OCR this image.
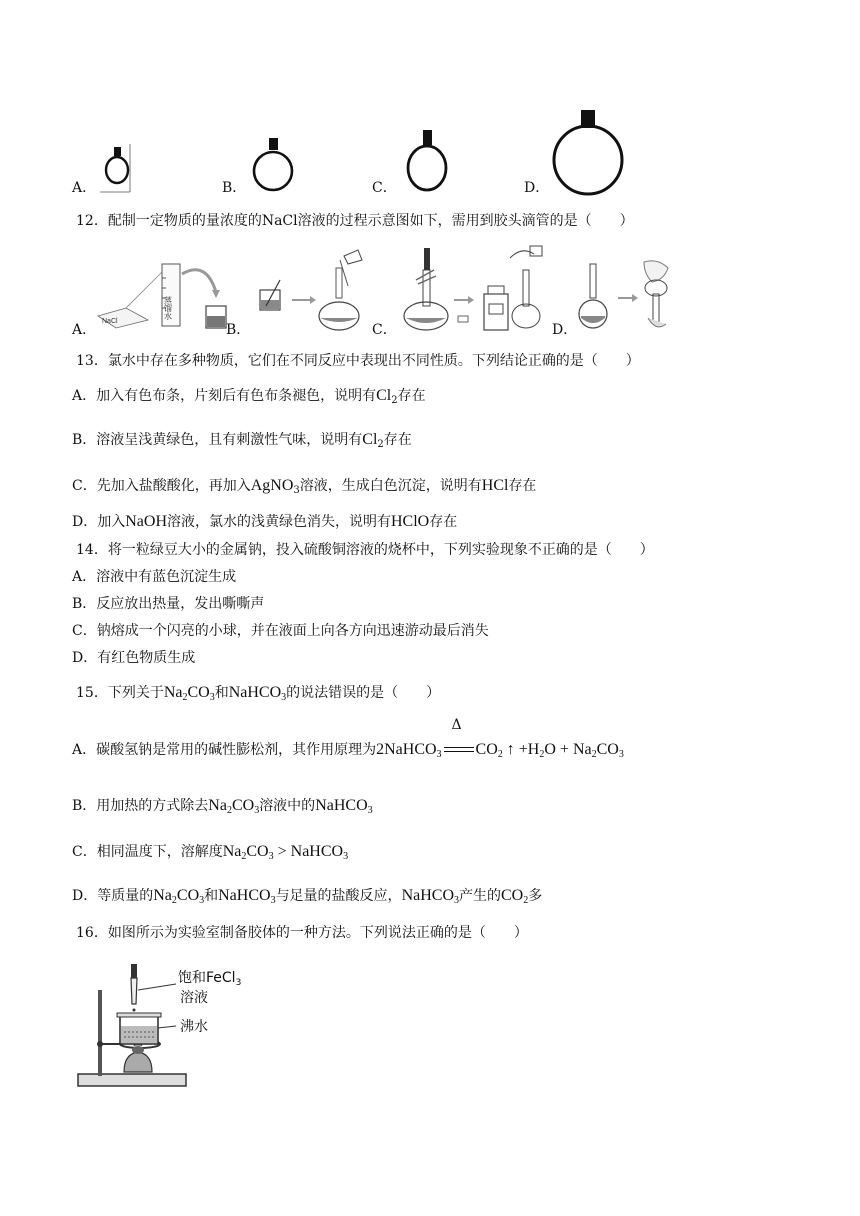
A．	B．	C．	D．
12．配制一定物质的量浓度的NaCl溶液的过程示意图如下，需用到胶头滴管的是（　　）
A．
NaCl
蒸馏水
B．	C．	D．
13．氯水中存在多种物质，它们在不同反应中表现出不同性质。下列结论正确的是（　　）
A．加入有色布条，片刻后有色布条褪色，说明有$Cl_2$存在
B．溶液呈浅黄绿色，且有刺激性气味，说明有$Cl_2$存在
C．先加入盐酸酸化，再加入AgNO$_3$溶液，生成白色沉淀，说明有HCl存在
D．加入NaOH溶液，氯水的浅黄绿色消失，说明有HClO存在
14．将一粒绿豆大小的金属钠，投入硫酸铜溶液的烧杯中，下列实验现象不正确的是（　　）
A．溶液中有蓝色沉淀生成
B．反应放出热量，发出嘶嘶声
C．钠熔成一个闪亮的小球，并在液面上向各方向迅速游动最后消失
D．有红色物质生成
15．下列关于$Na_2CO_3$和NaHCO$_3$的说法错误的是（　　）
A．碳酸氢钠是常用的碱性膨松剂，其作用原理为2NaHCO$_3$
Δ
$CO_2$ ↑ $+H_2O + Na_2CO_3$
B．用加热的方式除去$Na_2CO_3$溶液中的NaHCO$_3$
C．相同温度下，溶解度$Na_2CO_3$ > NaHCO$_3$
D．等质量的$Na_2CO_3$和NaHCO$_3$与足量的盐酸反应，NaHCO$_3$产生的$CO_2$多
16．如图所示为实验室制备胶体的一种方法。下列说法正确的是（　　）
饱和FeCl$_3$
溶液
沸水
